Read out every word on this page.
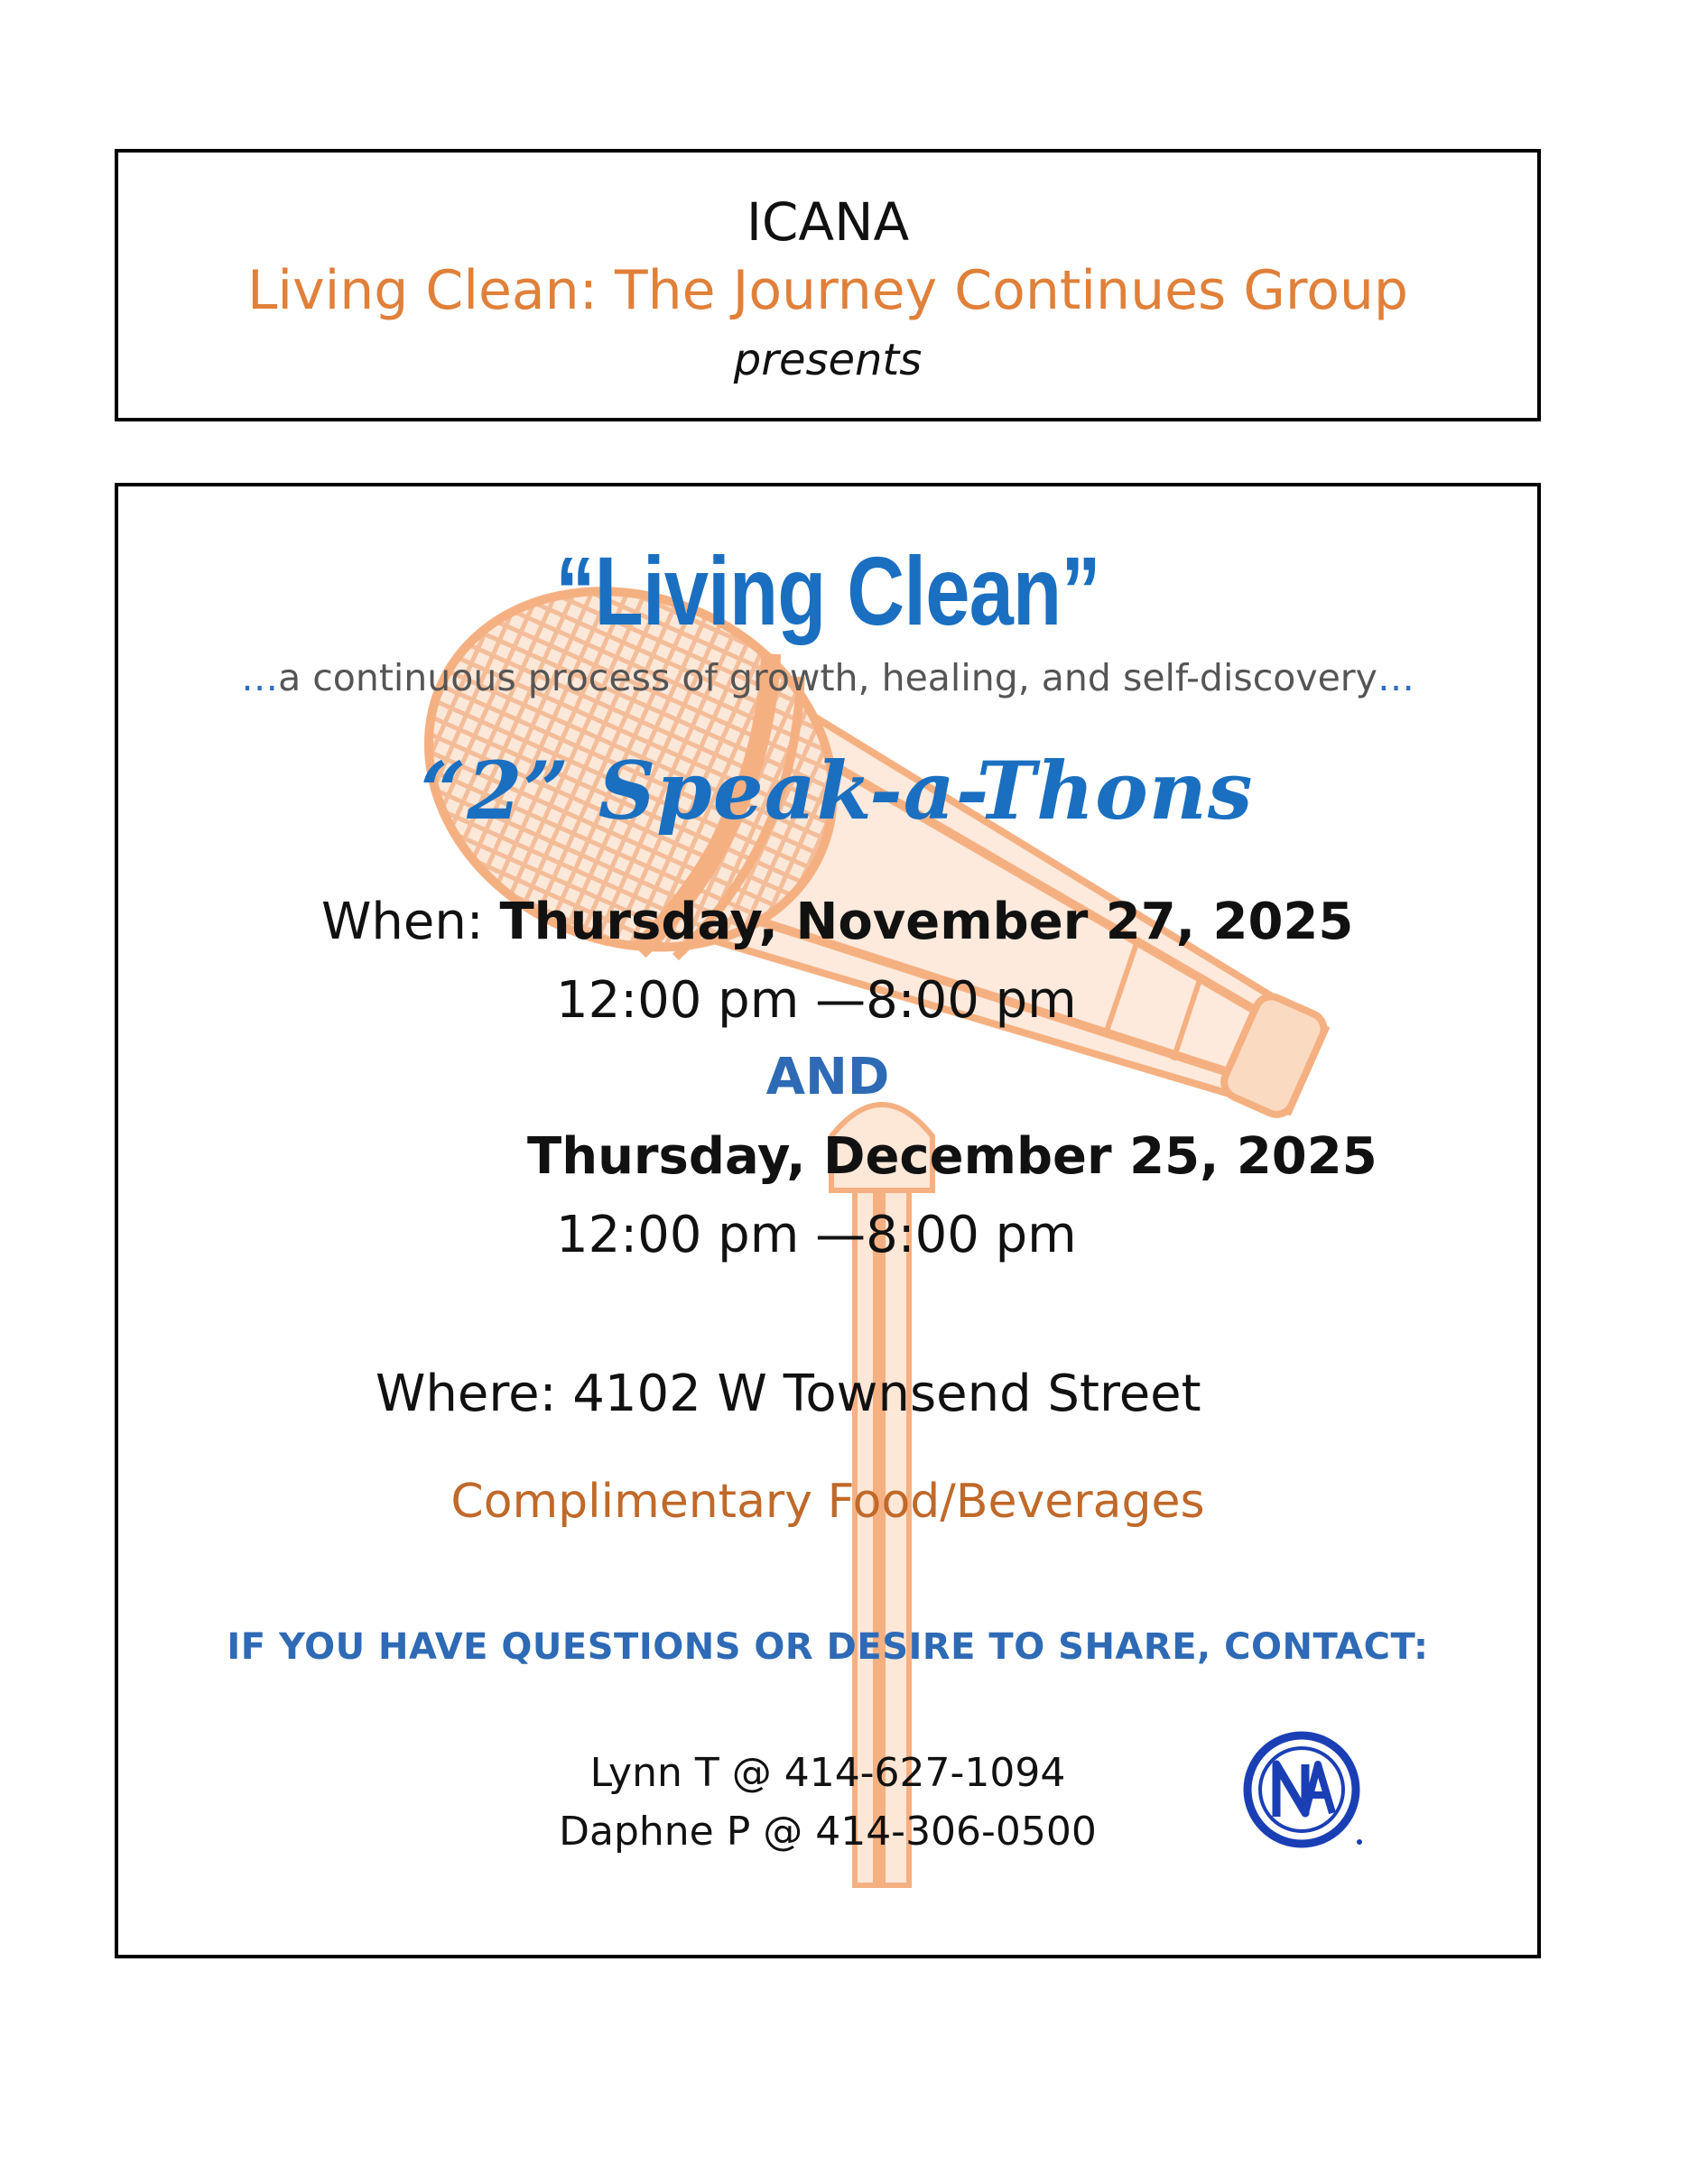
ICANA
Living Clean: The Journey Continues Group
presents
“Living Clean”
…a continuous process of growth, healing, and self-discovery…
“2” Speak-a-Thons
When: Thursday, November 27, 2025
12:00 pm —8:00 pm
AND
Thursday, December 25, 2025
12:00 pm —8:00 pm
Where: 4102 W Townsend Street
Complimentary Food/Beverages
IF YOU HAVE QUESTIONS OR DESIRE TO SHARE, CONTACT:
Lynn T @ 414-627-1094
Daphne P @ 414-306-0500
